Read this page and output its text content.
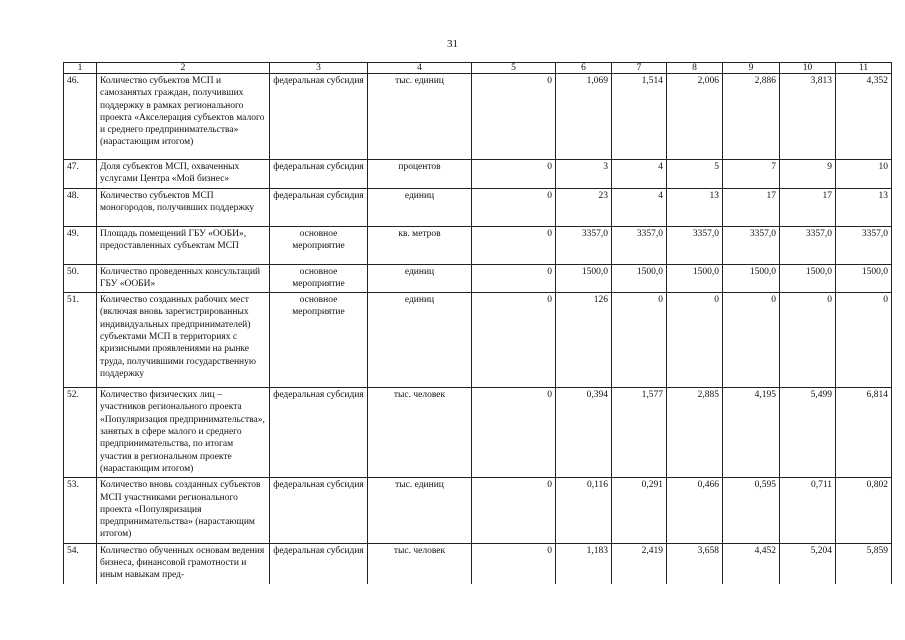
31
1	2	3	4	5	6	7	8	9	10	11
46.	Количество субъектов МСП и самозанятых граждан, получивших поддержку в рамках регионального проекта «Акселерация субъектов малого и среднего предпринимательства» (нарастающим итогом)	федеральная субсидия	тыс. единиц	0	1,069	1,514	2,006	2,886	3,813	4,352
47.	Доля субъектов МСП, охваченных услугами Центра «Мой бизнес»	федеральная субсидия	процентов	0	3	4	5	7	9	10
48.	Количество субъектов МСП моногородов, получивших поддержку	федеральная субсидия	единиц	0	23	4	13	17	17	13
49.	Площадь помещений ГБУ «ООБИ», предоставленных субъектам МСП	основное мероприятие	кв. метров	0	3357,0	3357,0	3357,0	3357,0	3357,0	3357,0
50.	Количество проведенных консультаций ГБУ «ООБИ»	основное мероприятие	единиц	0	1500,0	1500,0	1500,0	1500,0	1500,0	1500,0
51.	Количество созданных рабочих мест (включая вновь зарегистрированных индивидуальных предпринимателей) субъектами МСП в территориях с кризисными проявлениями на рынке труда, получившими государственную поддержку	основное мероприятие	единиц	0	126	0	0	0	0	0
52.	Количество физических лиц – участников регионального проекта «Популяризация предпринимательства», занятых в сфере малого и среднего предпринимательства, по итогам участия в региональном проекте (нарастающим итогом)	федеральная субсидия	тыс. человек	0	0,394	1,577	2,885	4,195	5,499	6,814
53.	Количество вновь созданных субъектов МСП участниками регионального проекта «Популяризация предпринимательства» (нарастающим итогом)	федеральная субсидия	тыс. единиц	0	0,116	0,291	0,466	0,595	0,711	0,802
54.	Количество обученных основам ведения бизнеса, финансовой грамотности и иным навыкам пред-	федеральная субсидия	тыс. человек	0	1,183	2,419	3,658	4,452	5,204	5,859
